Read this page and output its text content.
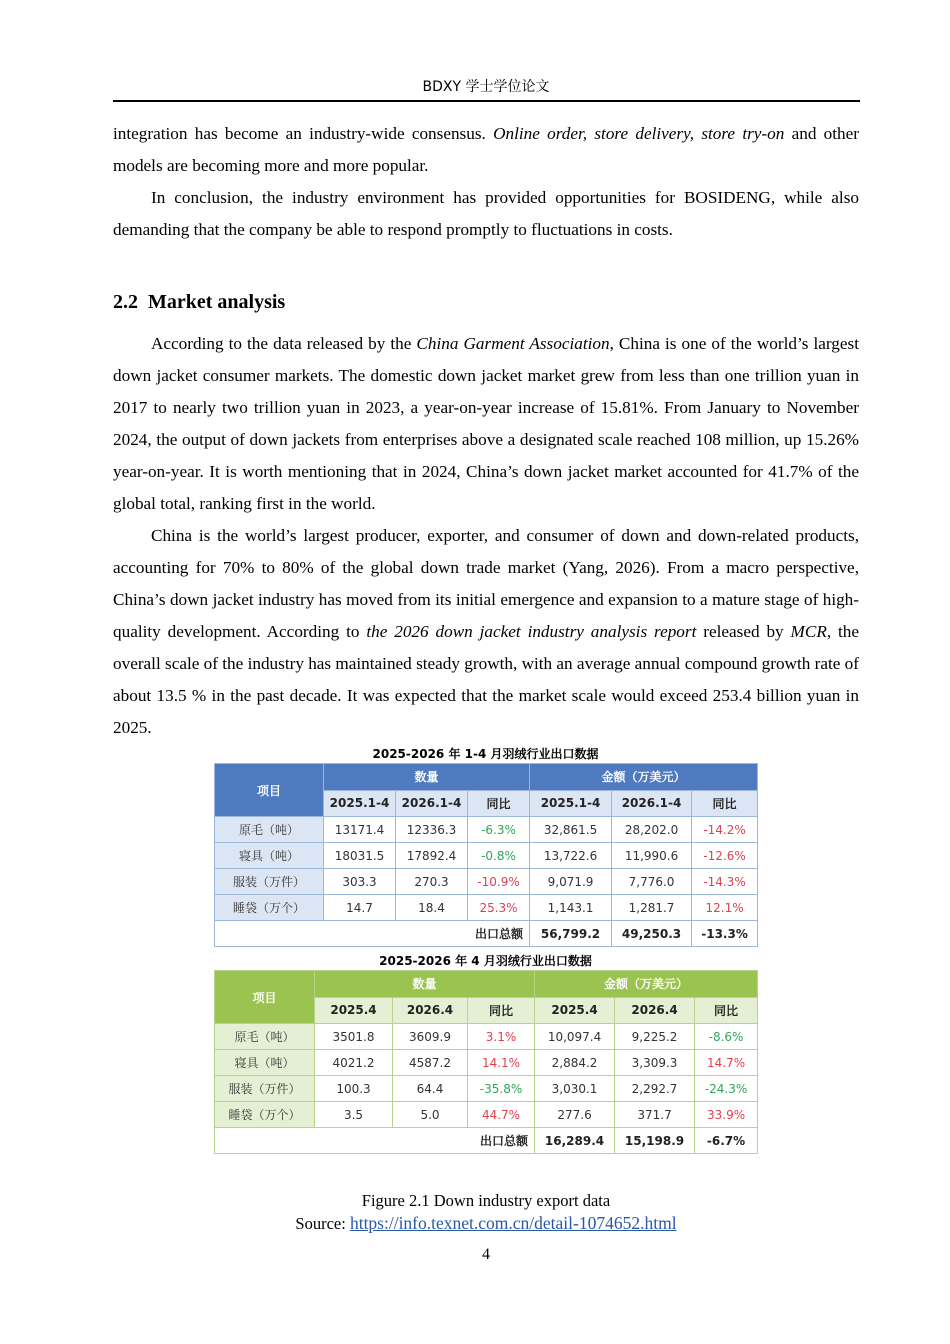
BDXY 学士学位论文

integration has become an industry-wide consensus. Online order, store delivery, store try-on and other models are becoming more and more popular.

In conclusion, the industry environment has provided opportunities for BOSIDENG, while also demanding that the company be able to respond promptly to fluctuations in costs.

2.2 Market analysis

According to the data released by the China Garment Association, China is one of the world’s largest down jacket consumer markets. The domestic down jacket market grew from less than one trillion yuan in 2017 to nearly two trillion yuan in 2023, a year-on-year increase of 15.81%. From January to November 2024, the output of down jackets from enterprises above a designated scale reached 108 million, up 15.26% year-on-year. It is worth mentioning that in 2024, China’s down jacket market accounted for 41.7% of the global total, ranking first in the world.

China is the world’s largest producer, exporter, and consumer of down and down-related products, accounting for 70% to 80% of the global down trade market (Yang, 2026). From a macro perspective, China’s down jacket industry has moved from its initial emergence and expansion to a mature stage of high-quality development. According to the 2026 down jacket industry analysis report released by MCR, the overall scale of the industry has maintained steady growth, with an average annual compound growth rate of about 13.5 % in the past decade. It was expected that the market scale would exceed 253.4 billion yuan in 2025.

2025-2026 年 1-4 月羽绒行业出口数据
项目	数量			金额（万美元）		
	2025.1-4	2026.1-4	同比	2025.1-4	2026.1-4	同比
原毛（吨）	13171.4	12336.3	-6.3%	32,861.5	28,202.0	-14.2%
寝具（吨）	18031.5	17892.4	-0.8%	13,722.6	11,990.6	-12.6%
服装（万件）	303.3	270.3	-10.9%	9,071.9	7,776.0	-14.3%
睡袋（万个）	14.7	18.4	25.3%	1,143.1	1,281.7	12.1%
出口总额				56,799.2	49,250.3	-13.3%
2025-2026 年 4 月羽绒行业出口数据
项目	数量			金额（万美元）		
	2025.4	2026.4	同比	2025.4	2026.4	同比
原毛（吨）	3501.8	3609.9	3.1%	10,097.4	9,225.2	-8.6%
寝具（吨）	4021.2	4587.2	14.1%	2,884.2	3,309.3	14.7%
服装（万件）	100.3	64.4	-35.8%	3,030.1	2,292.7	-24.3%
睡袋（万个）	3.5	5.0	44.7%	277.6	371.7	33.9%
出口总额				16,289.4	15,198.9	-6.7%
Figure 2.1 Down industry export data
Source: https://info.texnet.com.cn/detail-1074652.html
4
